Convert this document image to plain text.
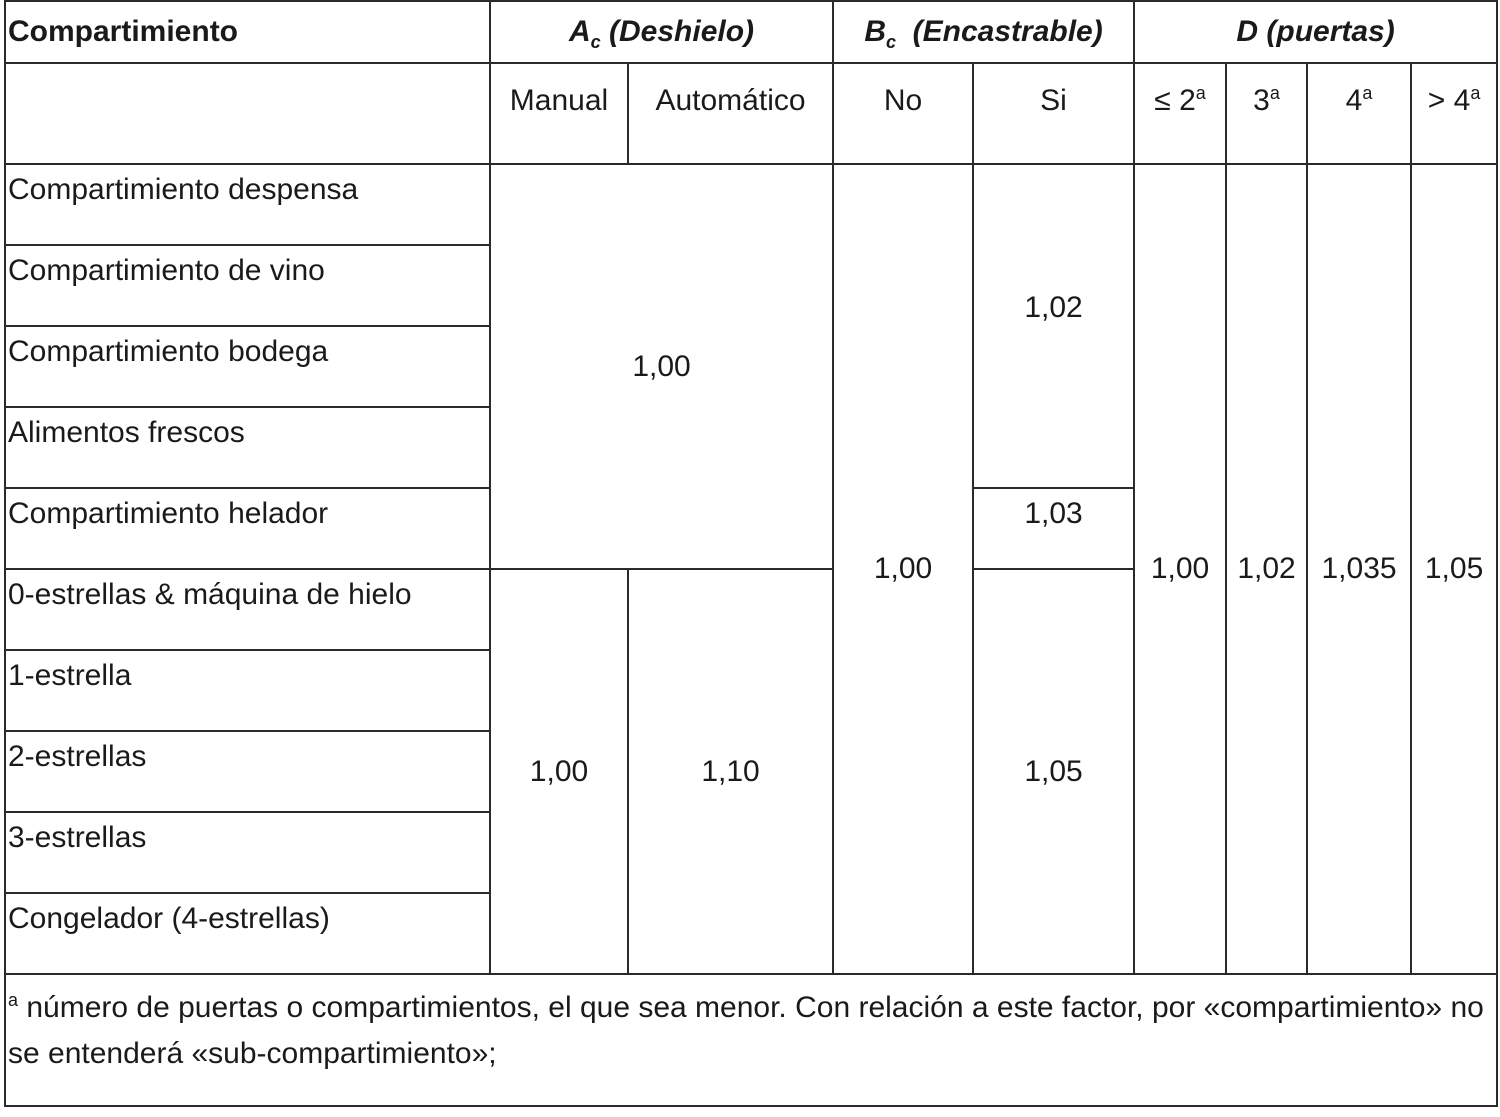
Compartimiento	$A_c$ (Deshielo)		$B_c$  (Encastrable)		D (puertas)			
	Manual	Automático	No	Si	≤ $2^a$	3$^a$	$4^a$	> $4^a$
Compartimiento despensa	1,00		1,00	1,02	1,00	1,02	1,035	1,05
Compartimiento de vino								
Compartimiento bodega								
Alimentos frescos								
Compartimiento helador				1,03				
0-estrellas & máquina de hielo	1,00	1,10		1,05				
1-estrella								
2-estrellas								
3-estrellas								
Congelador (4-estrellas)								
$^a$ número de puertas o compartimientos, el que sea menor. Con relación a este factor, por «compartimiento» no se entenderá «sub-compartimiento»;								
